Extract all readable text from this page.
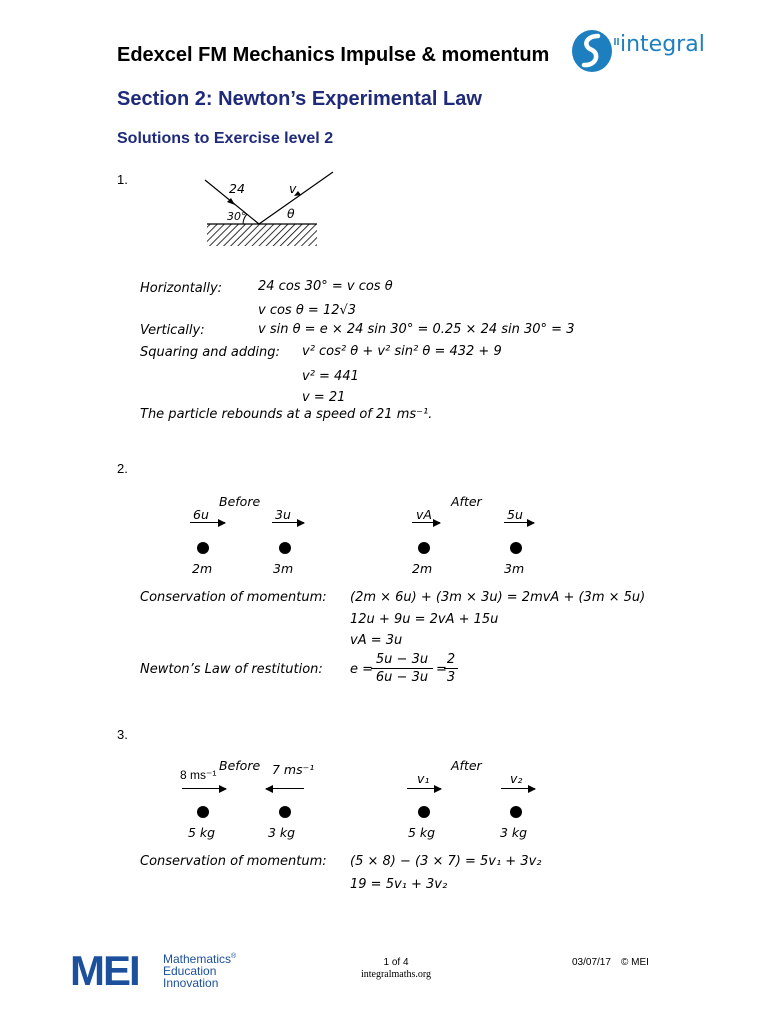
Edexcel FM Mechanics Impulse & momentum	integral
Section 2: Newton’s Experimental Law
Solutions to Exercise level 2
1.
24	v
30°	θ
Horizontally:	24 cos 30° = v cos θ
v cos θ = 12√3
Vertically:	v sin θ = e × 24 sin 30° = 0.25 × 24 sin 30° = 3
Squaring and adding: v² cos² θ + v² sin² θ = 432 + 9
v² = 441
v = 21
The particle rebounds at a speed of 21 ms⁻¹.
2.
Before	After
6u	3u	vA	5u
2m	3m	2m	3m
Conservation of momentum: (2m × 6u) + (3m × 3u) = 2mvA + (3m × 5u)
12u + 9u = 2vA + 15u
vA = 3u
Newton’s Law of restitution: e =
5u − 3u
6u − 3u
=
2
3
3.
Before	After
8 ms⁻¹	7 ms⁻¹
v₁	v₂
5 kg	3 kg	5 kg	3 kg
Conservation of momentum: (5 × 8) − (3 × 7) = 5v₁ + 3v₂
19 = 5v₁ + 3v₂
MEI Mathematics®
Education
Innovation
1 of 4
integralmaths.org
03/07/17 © MEI
